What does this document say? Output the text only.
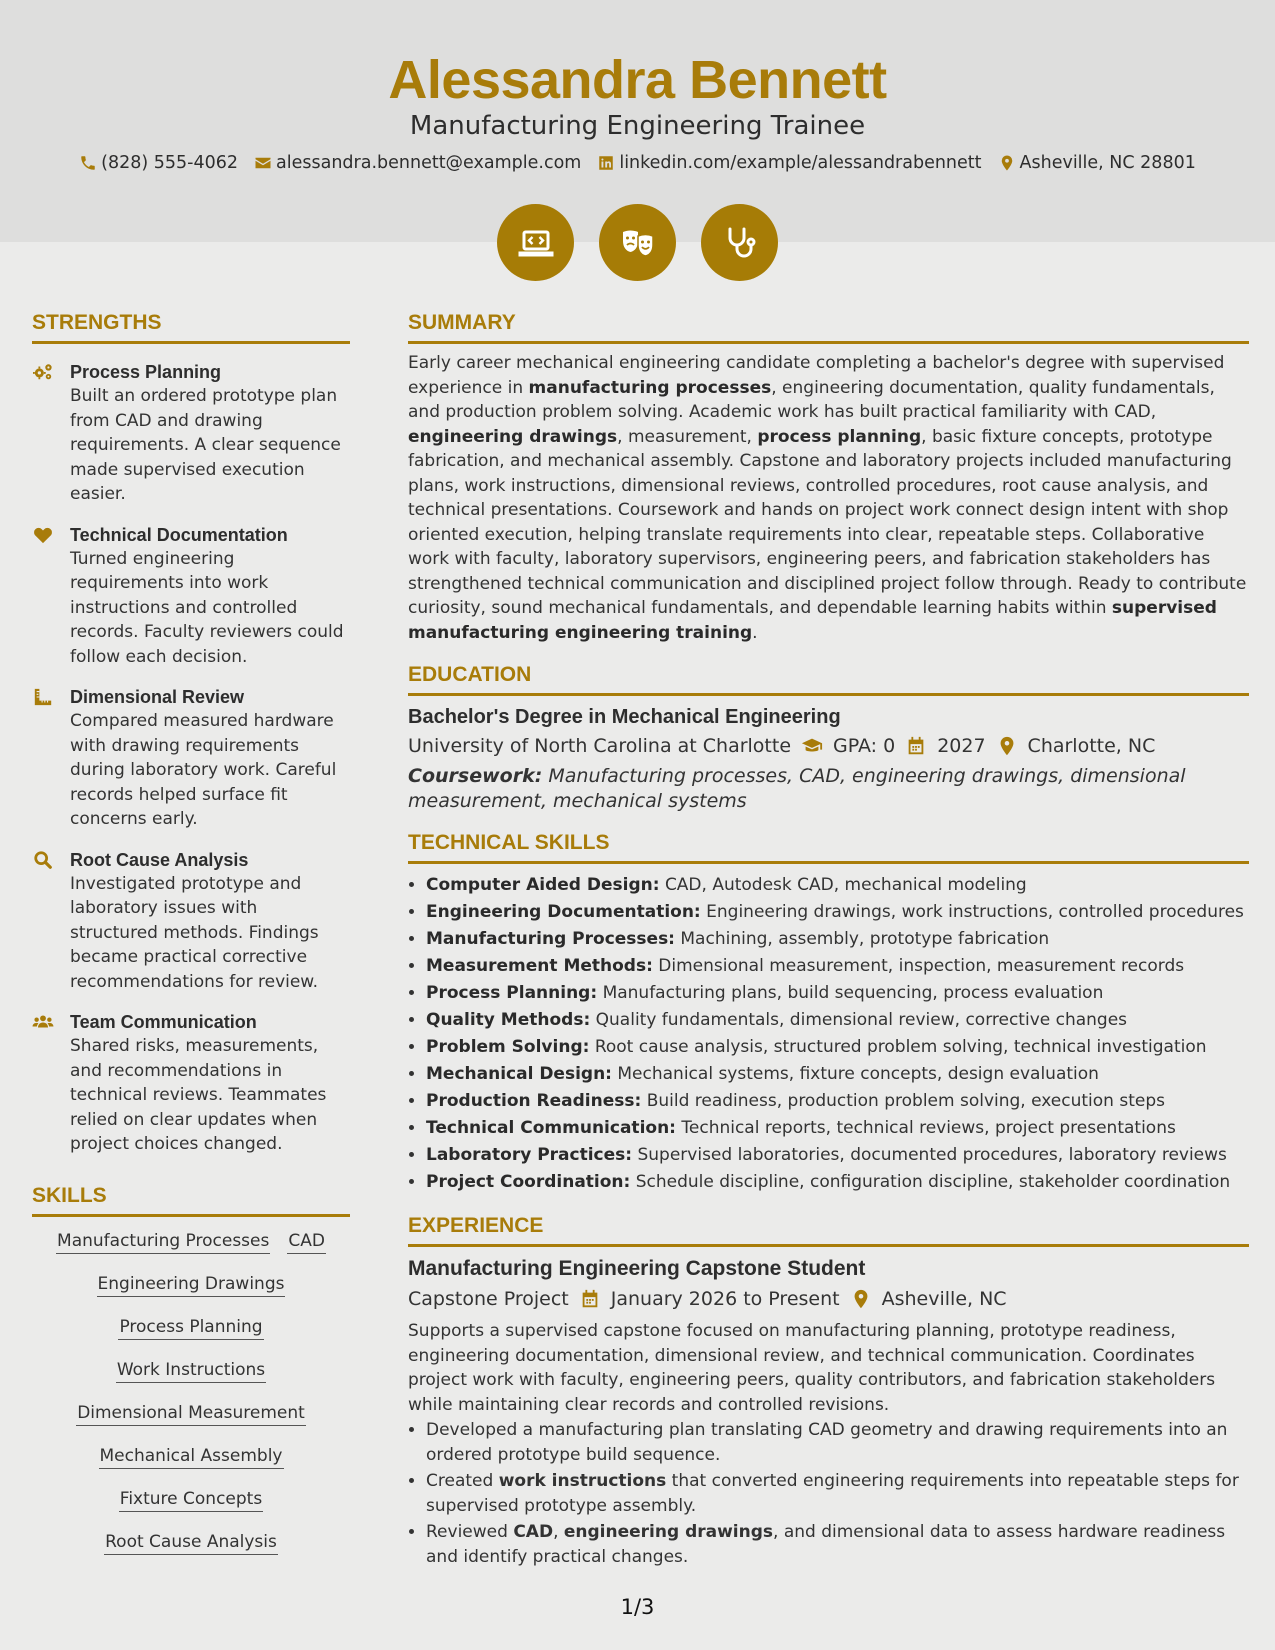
Alessandra Bennett
Manufacturing Engineering Trainee
(828) 555-4062 alessandra.bennett@example.com linkedin.com/example/alessandrabennett Asheville, NC 28801
STRENGTHS
Process Planning
Built an ordered prototype plan from CAD and drawing requirements. A clear sequence made supervised execution easier.
Technical Documentation
Turned engineering requirements into work instructions and controlled records. Faculty reviewers could follow each decision.
Dimensional Review
Compared measured hardware with drawing requirements during laboratory work. Careful records helped surface fit concerns early.
Root Cause Analysis
Investigated prototype and laboratory issues with structured methods. Findings became practical corrective recommendations for review.
Team Communication
Shared risks, measurements, and recommendations in technical reviews. Teammates relied on clear updates when project choices changed.
SKILLS
Manufacturing Processes CAD
Engineering Drawings
Process Planning
Work Instructions
Dimensional Measurement
Mechanical Assembly
Fixture Concepts
Root Cause Analysis
SUMMARY
Early career mechanical engineering candidate completing a bachelor's degree with supervised experience in manufacturing processes, engineering documentation, quality fundamentals, and production problem solving. Academic work has built practical familiarity with CAD, engineering drawings, measurement, process planning, basic fixture concepts, prototype fabrication, and mechanical assembly. Capstone and laboratory projects included manufacturing plans, work instructions, dimensional reviews, controlled procedures, root cause analysis, and technical presentations. Coursework and hands on project work connect design intent with shop oriented execution, helping translate requirements into clear, repeatable steps. Collaborative work with faculty, laboratory supervisors, engineering peers, and fabrication stakeholders has strengthened technical communication and disciplined project follow through. Ready to contribute curiosity, sound mechanical fundamentals, and dependable learning habits within supervised manufacturing engineering training.
EDUCATION
Bachelor's Degree in Mechanical Engineering
University of North Carolina at Charlotte GPA: 0 2027 Charlotte, NC
Coursework: Manufacturing processes, CAD, engineering drawings, dimensional measurement, mechanical systems
TECHNICAL SKILLS
• Computer Aided Design: CAD, Autodesk CAD, mechanical modeling
• Engineering Documentation: Engineering drawings, work instructions, controlled procedures
• Manufacturing Processes: Machining, assembly, prototype fabrication
• Measurement Methods: Dimensional measurement, inspection, measurement records
• Process Planning: Manufacturing plans, build sequencing, process evaluation
• Quality Methods: Quality fundamentals, dimensional review, corrective changes
• Problem Solving: Root cause analysis, structured problem solving, technical investigation
• Mechanical Design: Mechanical systems, fixture concepts, design evaluation
• Production Readiness: Build readiness, production problem solving, execution steps
• Technical Communication: Technical reports, technical reviews, project presentations
• Laboratory Practices: Supervised laboratories, documented procedures, laboratory reviews
• Project Coordination: Schedule discipline, configuration discipline, stakeholder coordination
EXPERIENCE
Manufacturing Engineering Capstone Student
Capstone Project January 2026 to Present Asheville, NC
Supports a supervised capstone focused on manufacturing planning, prototype readiness, engineering documentation, dimensional review, and technical communication. Coordinates project work with faculty, engineering peers, quality contributors, and fabrication stakeholders while maintaining clear records and controlled revisions.
• Developed a manufacturing plan translating CAD geometry and drawing requirements into an ordered prototype build sequence.
• Created work instructions that converted engineering requirements into repeatable steps for supervised prototype assembly.
• Reviewed CAD, engineering drawings, and dimensional data to assess hardware readiness and identify practical changes.
1/3
